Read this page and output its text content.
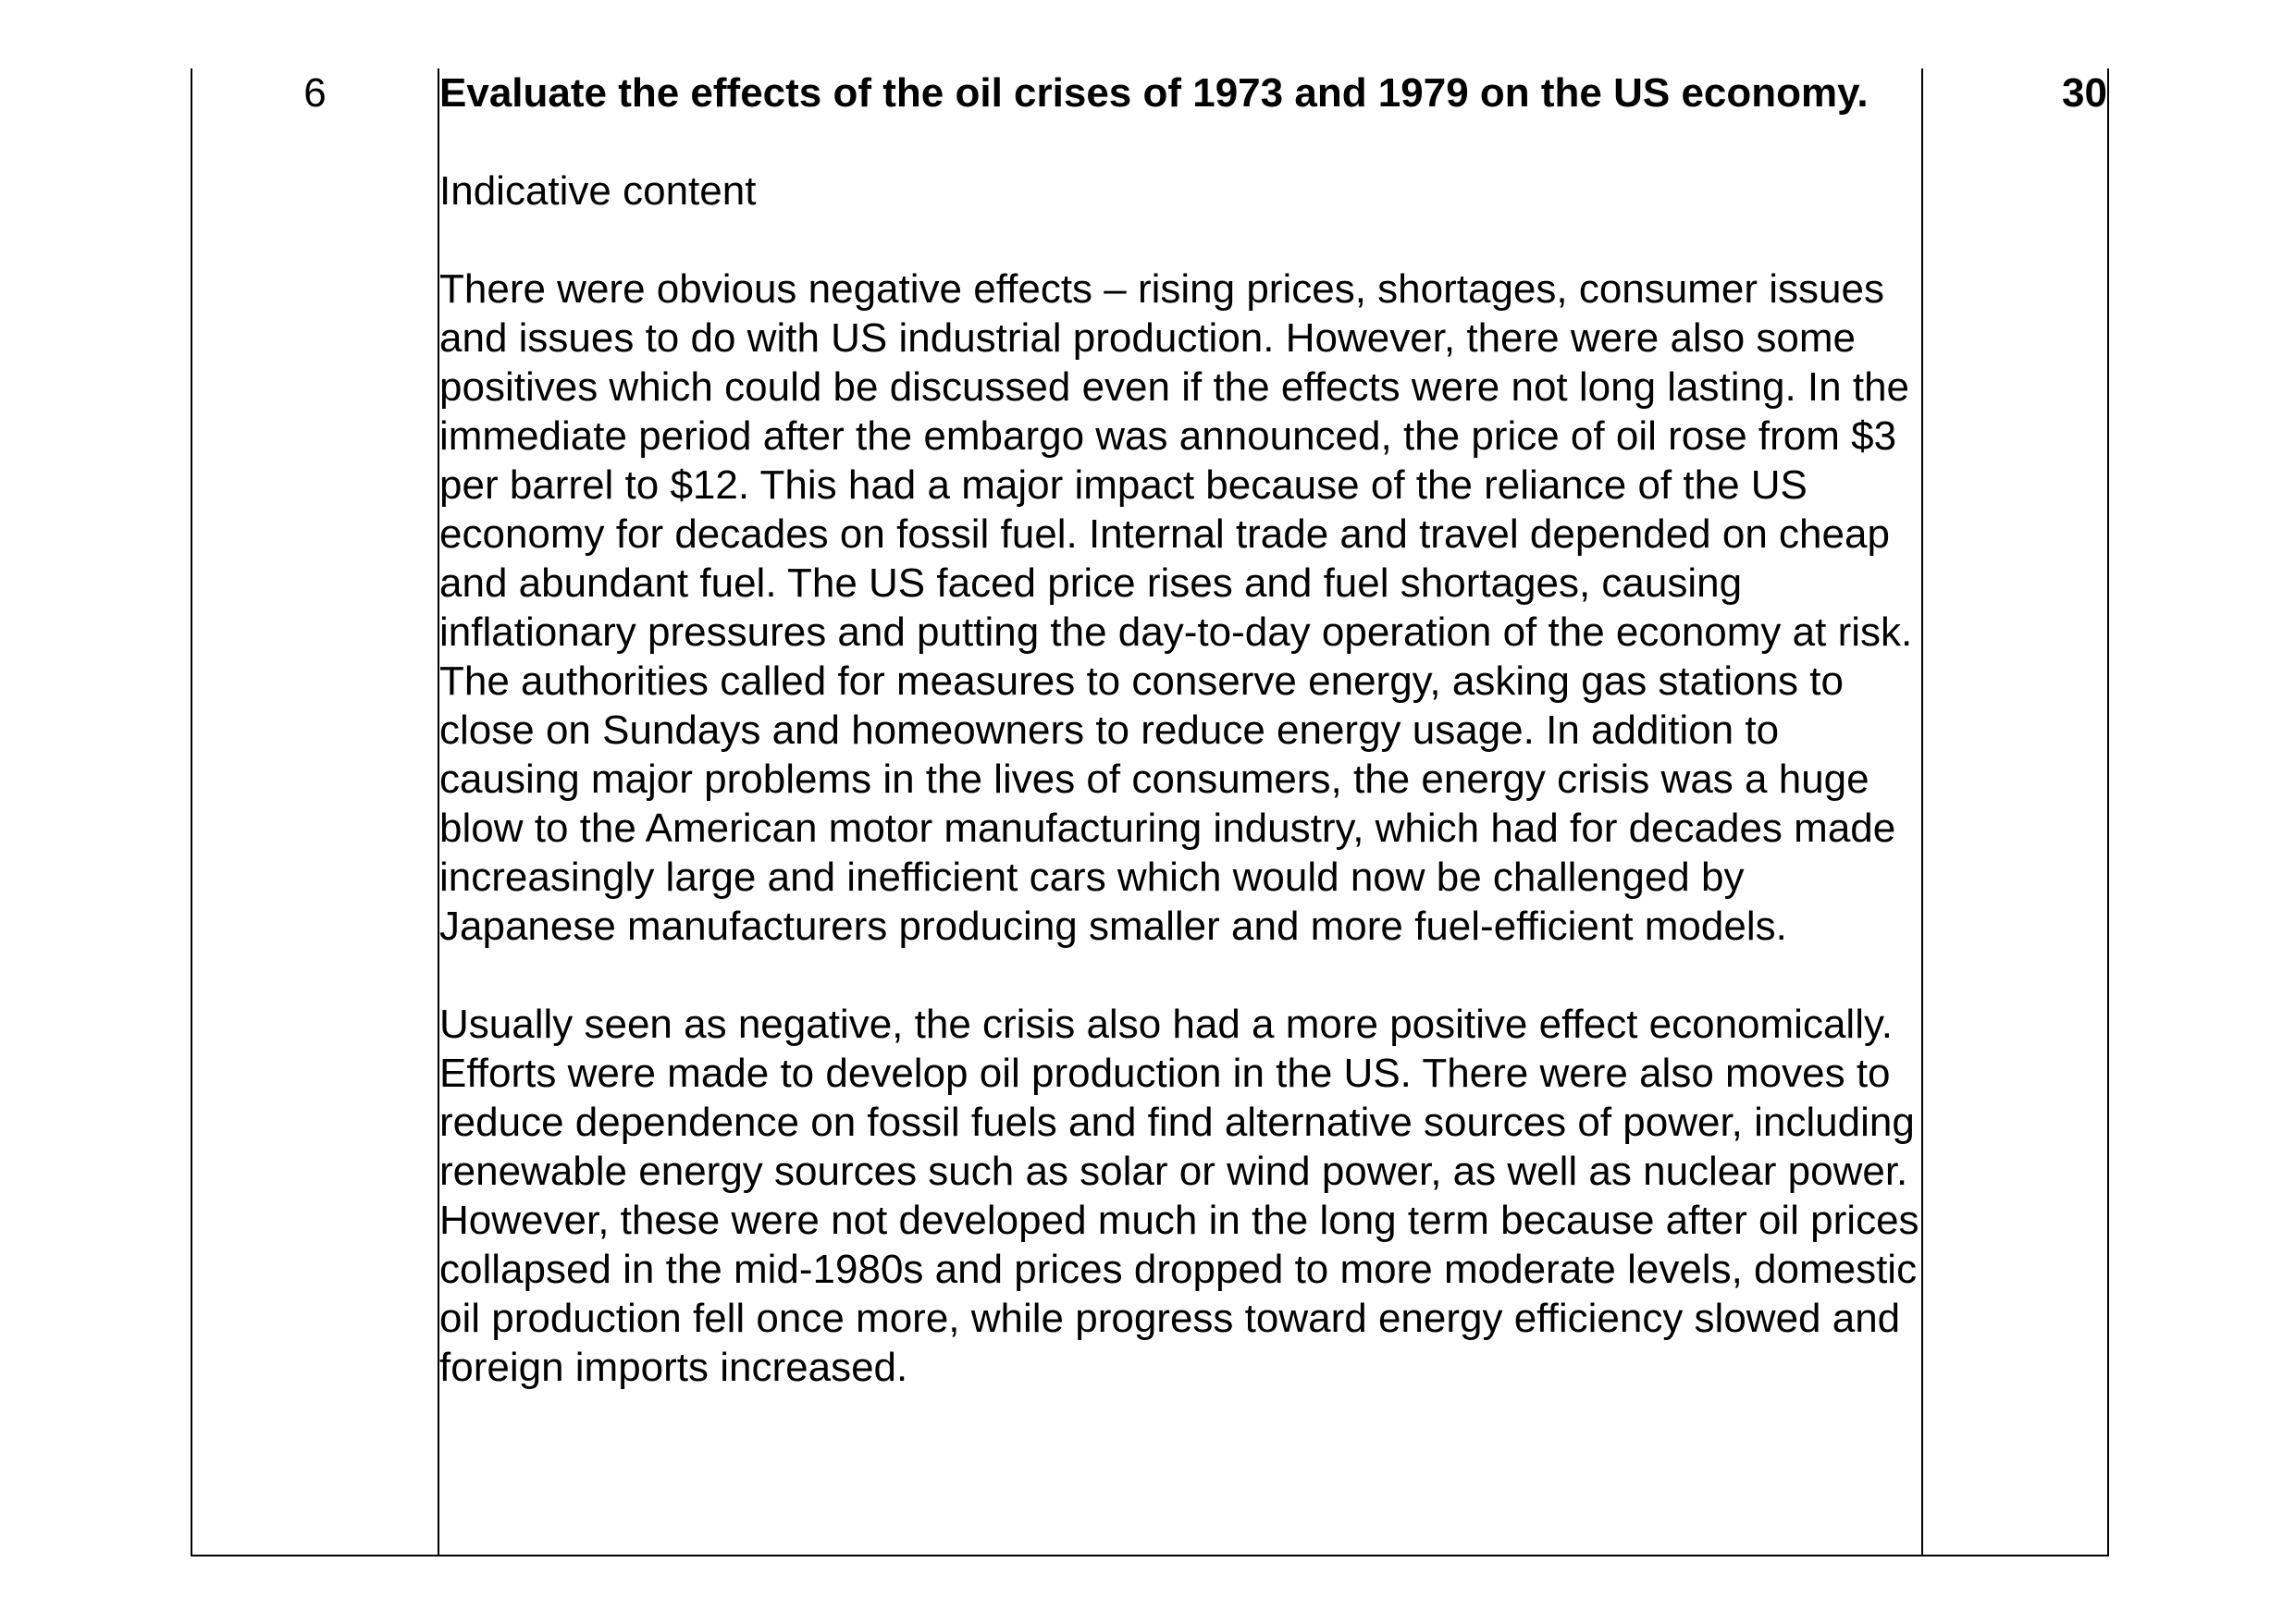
6	Evaluate the effects of the oil crises of 1973 and 1979 on the US economy.

Indicative content

There were obvious negative effects – rising prices, shortages, consumer issues and issues to do with US industrial production. However, there were also some positives which could be discussed even if the effects were not long lasting. In the immediate period after the embargo was announced, the price of oil rose from $3 per barrel to $12. This had a major impact because of the reliance of the US economy for decades on fossil fuel. Internal trade and travel depended on cheap and abundant fuel. The US faced price rises and fuel shortages, causing inflationary pressures and putting the day-to-day operation of the economy at risk. The authorities called for measures to conserve energy, asking gas stations to close on Sundays and homeowners to reduce energy usage. In addition to causing major problems in the lives of consumers, the energy crisis was a huge blow to the American motor manufacturing industry, which had for decades made increasingly large and inefficient cars which would now be challenged by Japanese manufacturers producing smaller and more fuel-efficient models.

Usually seen as negative, the crisis also had a more positive effect economically. Efforts were made to develop oil production in the US. There were also moves to reduce dependence on fossil fuels and find alternative sources of power, including renewable energy sources such as solar or wind power, as well as nuclear power. However, these were not developed much in the long term because after oil prices collapsed in the mid-1980s and prices dropped to more moderate levels, domestic oil production fell once more, while progress toward energy efficiency slowed and foreign imports increased.

	30
